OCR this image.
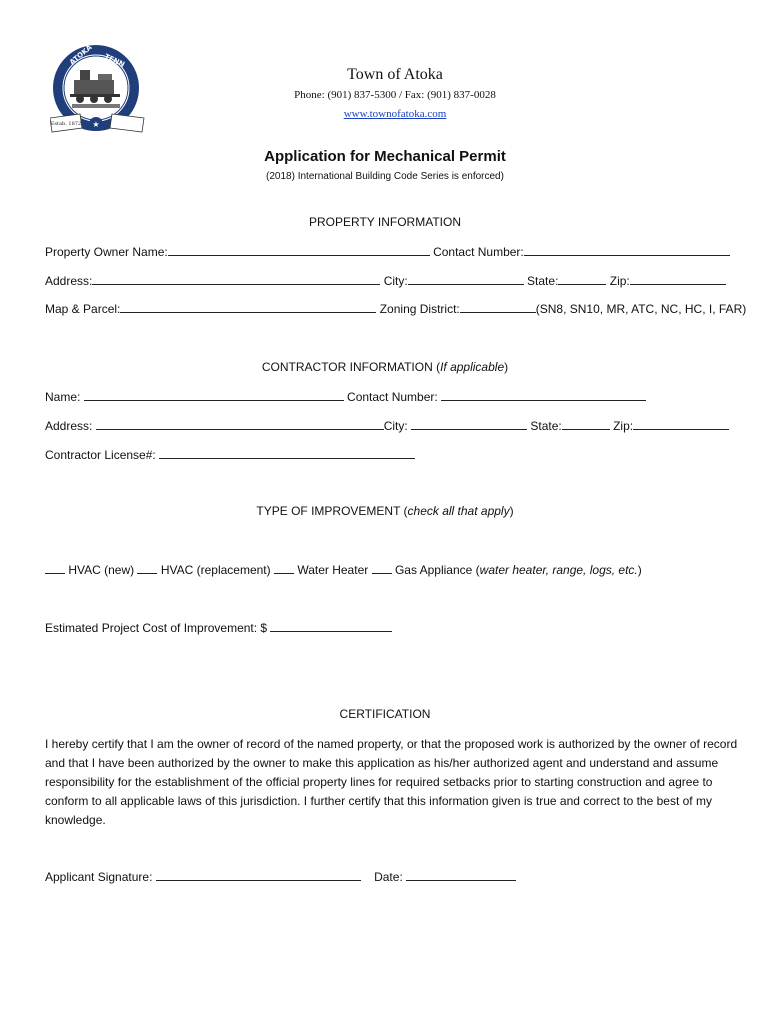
★
ATOKA TENN
Estab. 1872
Town of Atoka
Phone: (901) 837-5300 / Fax: (901) 837-0028
www.townofatoka.com
Application for Mechanical Permit
(2018) International Building Code Series is enforced)
PROPERTY INFORMATION
Property Owner Name:	Contact Number:
Address:	City:	State:	Zip:
Map & Parcel:	Zoning District:	(SN8, SN10, MR, ATC, NC, HC, I, FAR)
CONTRACTOR INFORMATION (If applicable)
Name:	Contact Number:
Address:	City:	State:	Zip:
Contractor License#:
TYPE OF IMPROVEMENT (check all that apply)
HVAC (new) HVAC (replacement) Water Heater Gas Appliance (water heater, range, logs, etc.)
Estimated Project Cost of Improvement: $
CERTIFICATION
I hereby certify that I am the owner of record of the named property, or that the proposed work is authorized by the owner of record and that I have been authorized by the owner to make this application as his/her authorized agent and understand and assume responsibility for the establishment of the official property lines for required setbacks prior to starting construction and agree to conform to all applicable laws of this jurisdiction. I further certify that this information given is true and correct to the best of my knowledge.
Applicant Signature:	Date:
